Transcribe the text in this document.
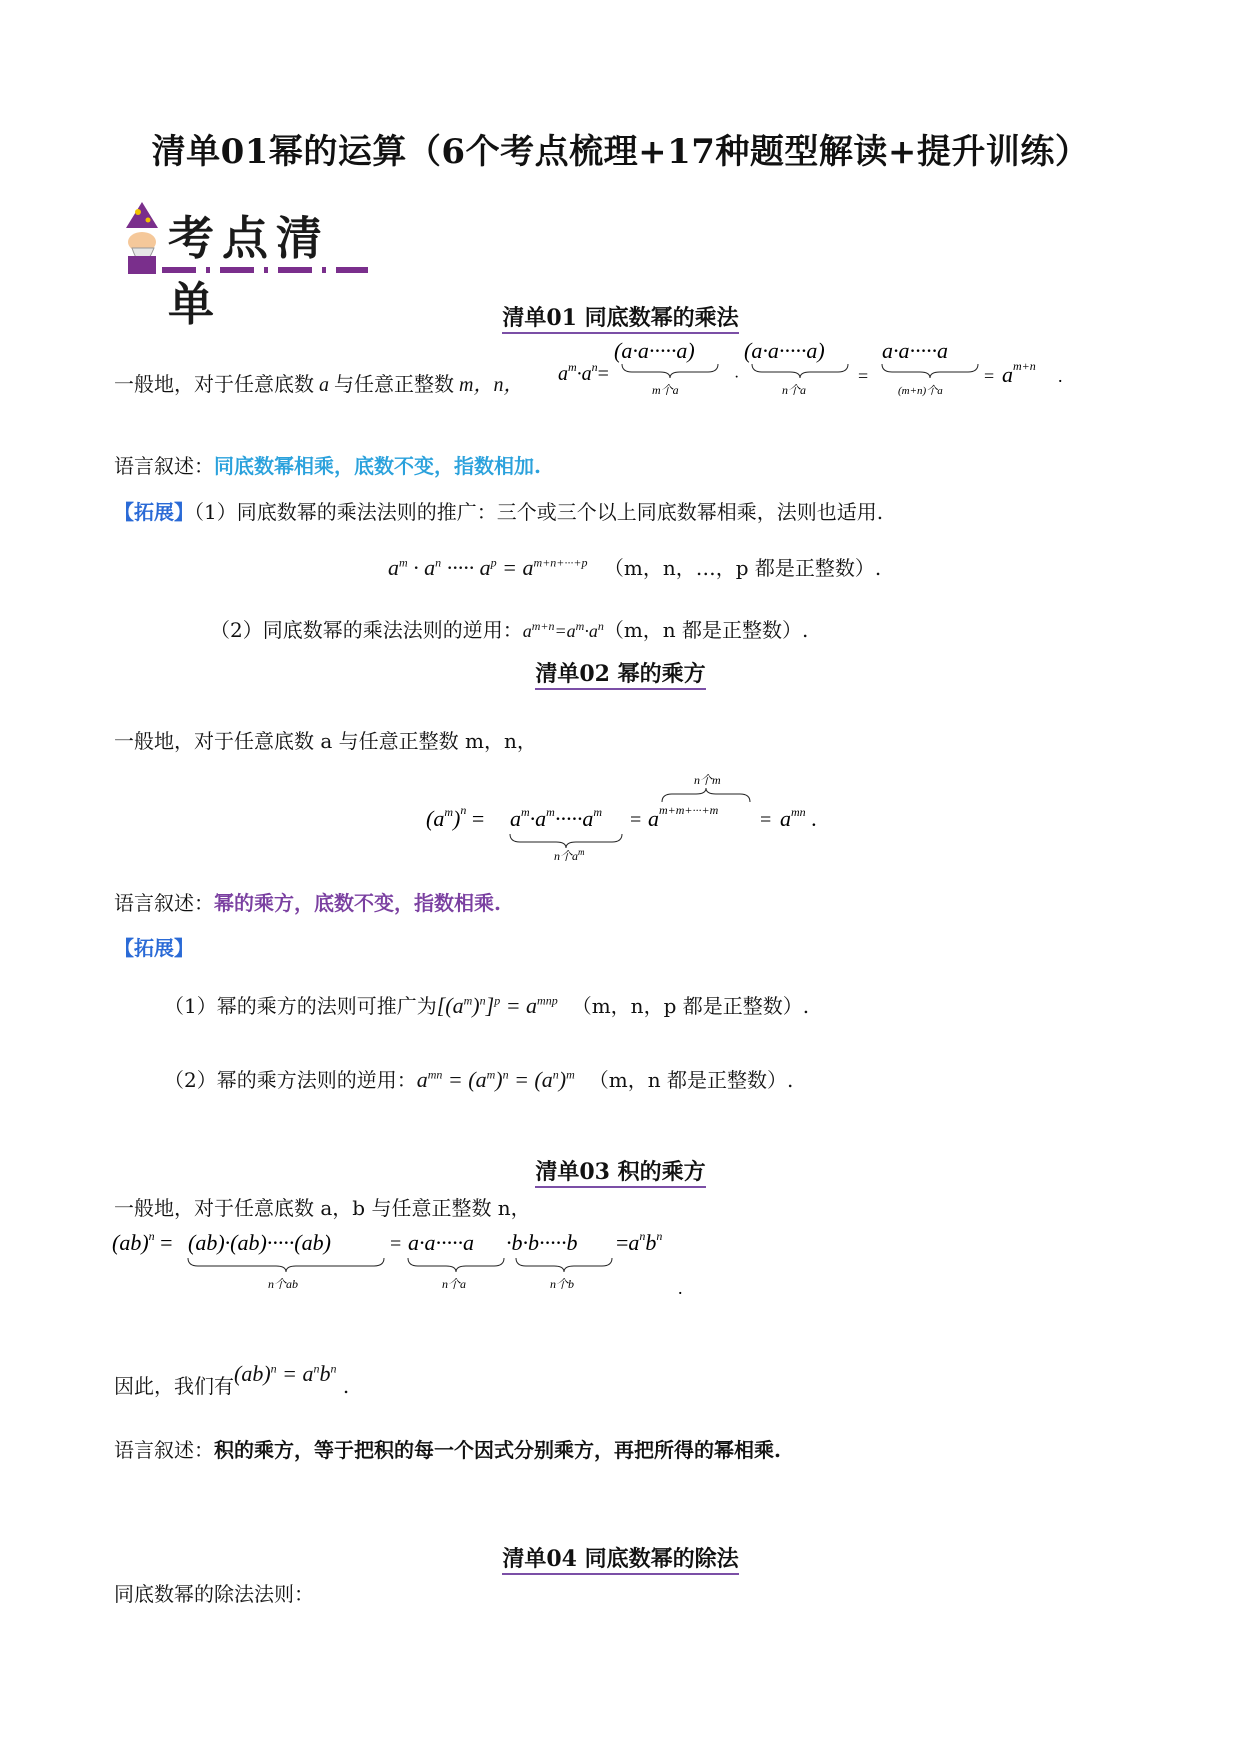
清单01幂的运算（6个考点梳理+17种题型解读+提升训练）
考点清单	清单01 同底数幂的乘法
一般地，对于任意底数 a 与任意正整数 m，n， $a^m\cdot a^n=$
(a·a·····a)
m个a
·
(a·a·····a)
n个a
=
a·a·····a
(m+n)个a
= $a^{m+n}$ .
语言叙述：同底数幂相乘，底数不变，指数相加.
【拓展】（1）同底数幂的乘法法则的推广：三个或三个以上同底数幂相乘，法则也适用.
$a^m \cdot a^n$ ····· $a^p = a^{m+n+\cdot\cdot\cdot+p}$ （m，n，…，p 都是正整数）.
（2）同底数幂的乘法法则的逆用：$a^{m+n}=a^m\cdot a^n(m$，n 都是正整数）.
清单02 幂的乘方
一般地，对于任意底数 a 与任意正整数 m，n，
$(a^m)^n = a^m\cdot a^m\cdot\cdot\cdot\cdot\cdot a^m$
n个$a^m$
= $a^{m+m+\cdot\cdot\cdot+m}$
n个m
= $a^{mn}$ .
语言叙述：幂的乘方，底数不变，指数相乘.
【拓展】
（1）幂的乘方的法则可推广为$[(a^m)^n]^p = a^{mnp}$ （m，n，p 都是正整数）.
（2）幂的乘方法则的逆用：$a^{mn} = (a^m)^n = (a^n)^m$ （m，n 都是正整数）.
清单03 积的乘方
一般地，对于任意底数 a，b 与任意正整数 n，
(ab)$^n$ = (ab)·(ab)·····(ab)
n个ab
= a·a·····a
n个a
·b·b·····b
n个b
$=a^nb^n$
.
因此，我们有$(ab)^n = a^nb^n$ .
语言叙述：积的乘方，等于把积的每一个因式分别乘方，再把所得的幂相乘.
清单04 同底数幂的除法
同底数幂的除法法则：
